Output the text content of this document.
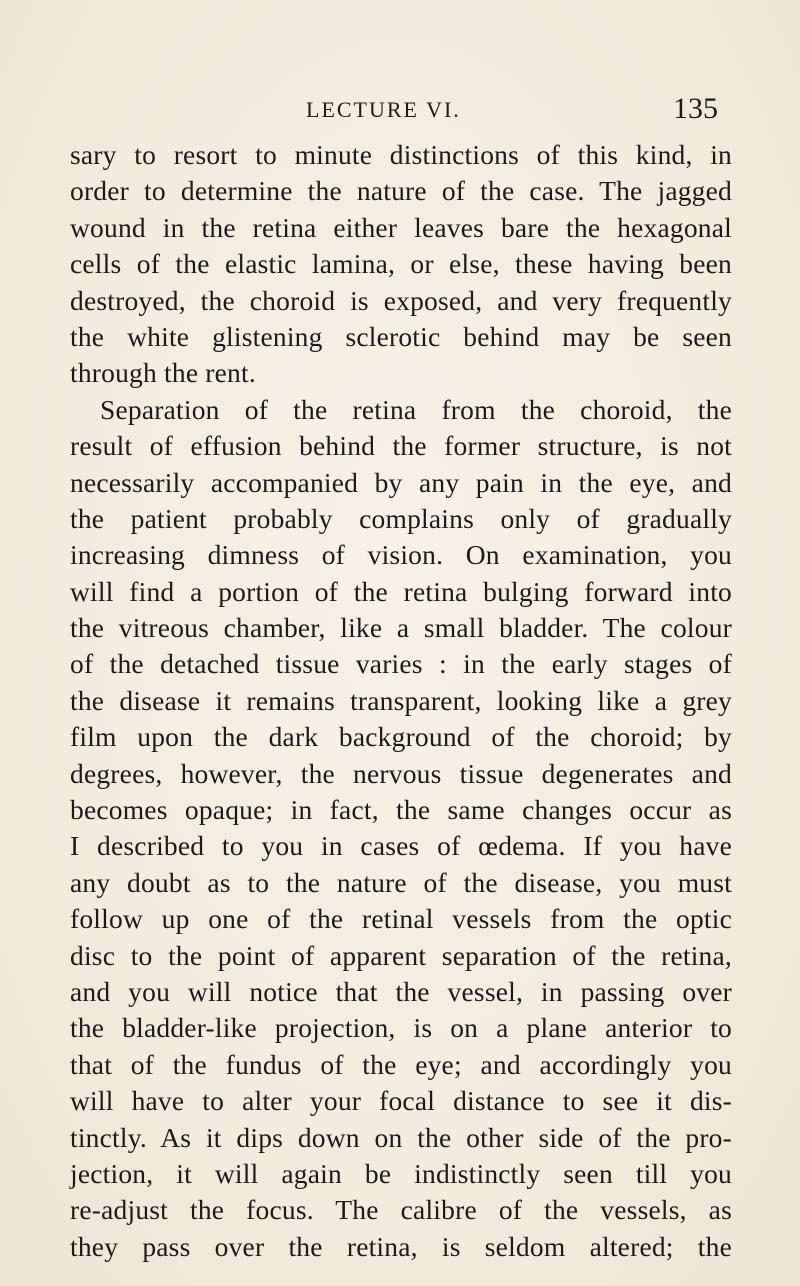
LECTURE VI.	135
sary to resort to minute distinctions of this kind, in
order to determine the nature of the case. The jagged
wound in the retina either leaves bare the hexagonal
cells of the elastic lamina, or else, these having been
destroyed, the choroid is exposed, and very frequently
the white glistening sclerotic behind may be seen
through the rent.
Separation of the retina from the choroid, the
result of effusion behind the former structure, is not
necessarily accompanied by any pain in the eye, and
the patient probably complains only of gradually
increasing dimness of vision. On examination, you
will find a portion of the retina bulging forward into
the vitreous chamber, like a small bladder. The colour
of the detached tissue varies : in the early stages of
the disease it remains transparent, looking like a grey
film upon the dark background of the choroid; by
degrees, however, the nervous tissue degenerates and
becomes opaque; in fact, the same changes occur as
I described to you in cases of œdema. If you have
any doubt as to the nature of the disease, you must
follow up one of the retinal vessels from the optic
disc to the point of apparent separation of the retina,
and you will notice that the vessel, in passing over
the bladder-like projection, is on a plane anterior to
that of the fundus of the eye; and accordingly you
will have to alter your focal distance to see it dis-
tinctly. As it dips down on the other side of the pro-
jection, it will again be indistinctly seen till you
re-adjust the focus. The calibre of the vessels, as
they pass over the retina, is seldom altered; the
